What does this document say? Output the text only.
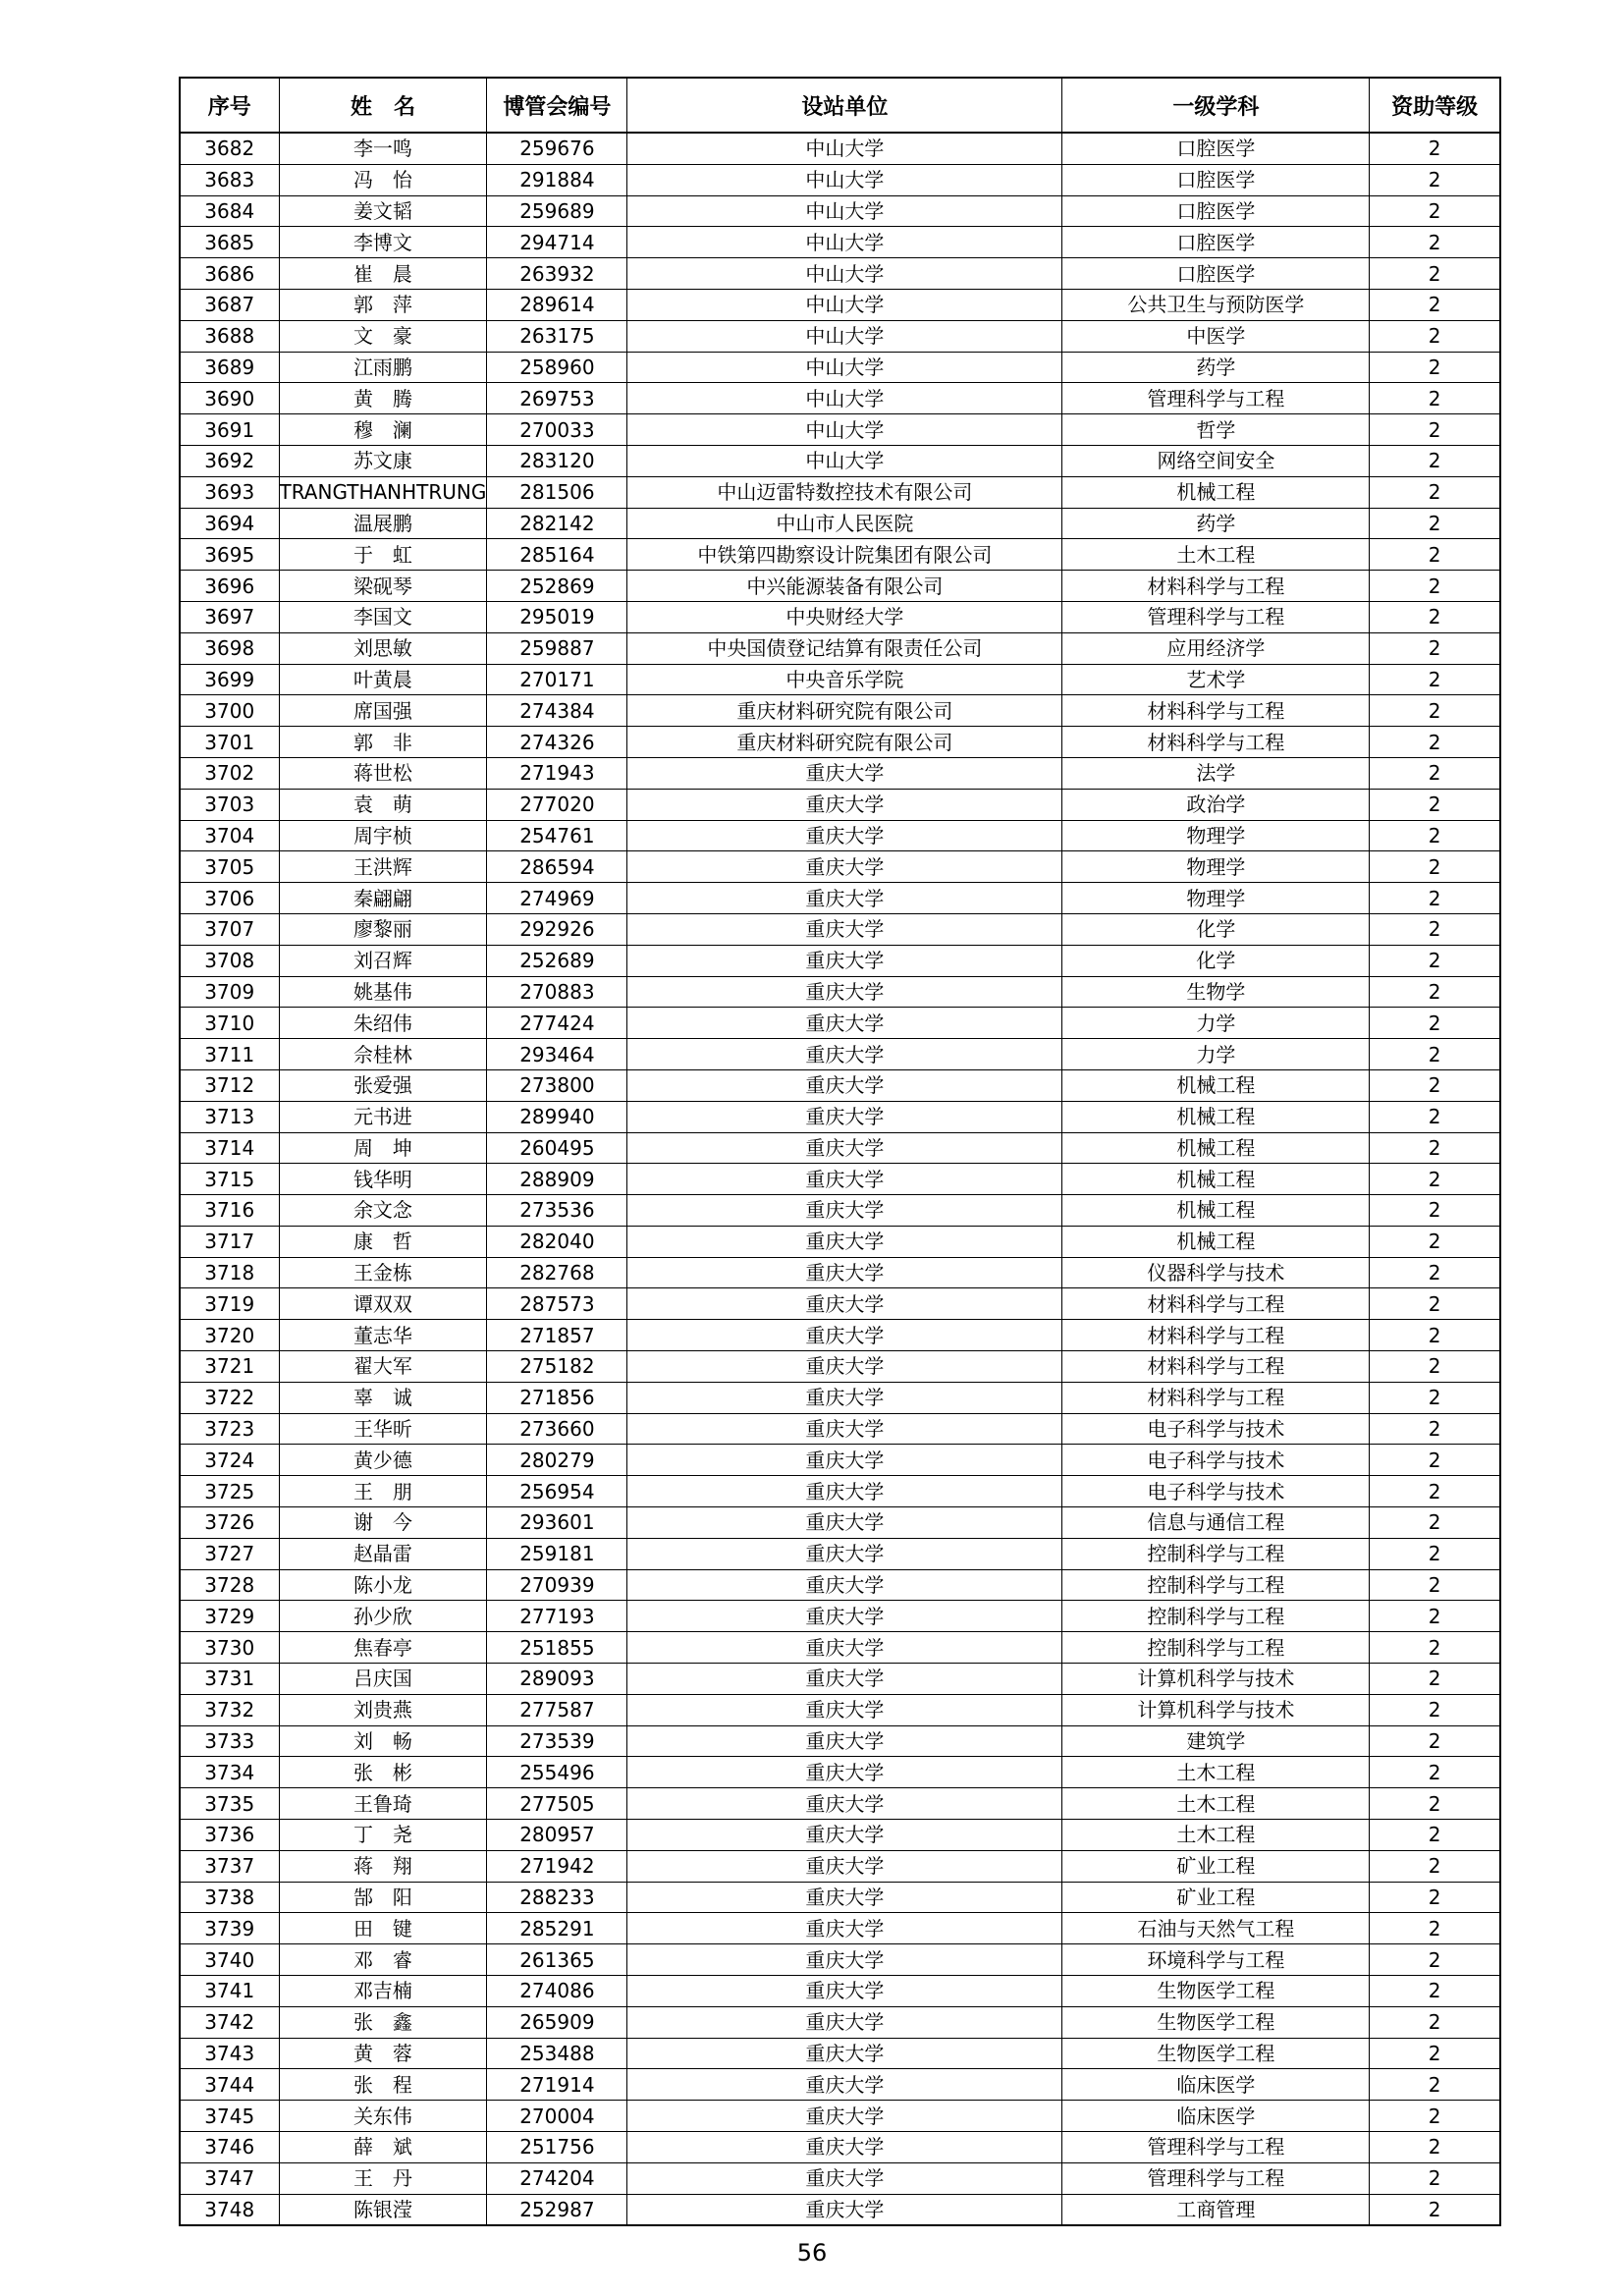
序号	姓　名	博管会编号	设站单位	一级学科	资助等级
3682	李一鸣	259676	中山大学	口腔医学	2
3683	冯　怡	291884	中山大学	口腔医学	2
3684	姜文韬	259689	中山大学	口腔医学	2
3685	李博文	294714	中山大学	口腔医学	2
3686	崔　晨	263932	中山大学	口腔医学	2
3687	郭　萍	289614	中山大学	公共卫生与预防医学	2
3688	文　豪	263175	中山大学	中医学	2
3689	江雨鹏	258960	中山大学	药学	2
3690	黄　腾	269753	中山大学	管理科学与工程	2
3691	穆　澜	270033	中山大学	哲学	2
3692	苏文康	283120	中山大学	网络空间安全	2
3693	TRANGTHANHTRUNG	281506	中山迈雷特数控技术有限公司	机械工程	2
3694	温展鹏	282142	中山市人民医院	药学	2
3695	于　虹	285164	中铁第四勘察设计院集团有限公司	土木工程	2
3696	梁砚琴	252869	中兴能源装备有限公司	材料科学与工程	2
3697	李国文	295019	中央财经大学	管理科学与工程	2
3698	刘思敏	259887	中央国债登记结算有限责任公司	应用经济学	2
3699	叶黄晨	270171	中央音乐学院	艺术学	2
3700	席国强	274384	重庆材料研究院有限公司	材料科学与工程	2
3701	郭　非	274326	重庆材料研究院有限公司	材料科学与工程	2
3702	蒋世松	271943	重庆大学	法学	2
3703	袁　萌	277020	重庆大学	政治学	2
3704	周宇桢	254761	重庆大学	物理学	2
3705	王洪辉	286594	重庆大学	物理学	2
3706	秦翩翩	274969	重庆大学	物理学	2
3707	廖黎丽	292926	重庆大学	化学	2
3708	刘召辉	252689	重庆大学	化学	2
3709	姚基伟	270883	重庆大学	生物学	2
3710	朱绍伟	277424	重庆大学	力学	2
3711	佘桂林	293464	重庆大学	力学	2
3712	张爱强	273800	重庆大学	机械工程	2
3713	元书进	289940	重庆大学	机械工程	2
3714	周　坤	260495	重庆大学	机械工程	2
3715	钱华明	288909	重庆大学	机械工程	2
3716	余文念	273536	重庆大学	机械工程	2
3717	康　哲	282040	重庆大学	机械工程	2
3718	王金栋	282768	重庆大学	仪器科学与技术	2
3719	谭双双	287573	重庆大学	材料科学与工程	2
3720	董志华	271857	重庆大学	材料科学与工程	2
3721	翟大军	275182	重庆大学	材料科学与工程	2
3722	辜　诚	271856	重庆大学	材料科学与工程	2
3723	王华昕	273660	重庆大学	电子科学与技术	2
3724	黄少德	280279	重庆大学	电子科学与技术	2
3725	王　朋	256954	重庆大学	电子科学与技术	2
3726	谢　今	293601	重庆大学	信息与通信工程	2
3727	赵晶雷	259181	重庆大学	控制科学与工程	2
3728	陈小龙	270939	重庆大学	控制科学与工程	2
3729	孙少欣	277193	重庆大学	控制科学与工程	2
3730	焦春亭	251855	重庆大学	控制科学与工程	2
3731	吕庆国	289093	重庆大学	计算机科学与技术	2
3732	刘贵燕	277587	重庆大学	计算机科学与技术	2
3733	刘　畅	273539	重庆大学	建筑学	2
3734	张　彬	255496	重庆大学	土木工程	2
3735	王鲁琦	277505	重庆大学	土木工程	2
3736	丁　尧	280957	重庆大学	土木工程	2
3737	蒋　翔	271942	重庆大学	矿业工程	2
3738	郜　阳	288233	重庆大学	矿业工程	2
3739	田　键	285291	重庆大学	石油与天然气工程	2
3740	邓　睿	261365	重庆大学	环境科学与工程	2
3741	邓吉楠	274086	重庆大学	生物医学工程	2
3742	张　鑫	265909	重庆大学	生物医学工程	2
3743	黄　蓉	253488	重庆大学	生物医学工程	2
3744	张　程	271914	重庆大学	临床医学	2
3745	关东伟	270004	重庆大学	临床医学	2
3746	薛　斌	251756	重庆大学	管理科学与工程	2
3747	王　丹	274204	重庆大学	管理科学与工程	2
3748	陈银滢	252987	重庆大学	工商管理	2
56
